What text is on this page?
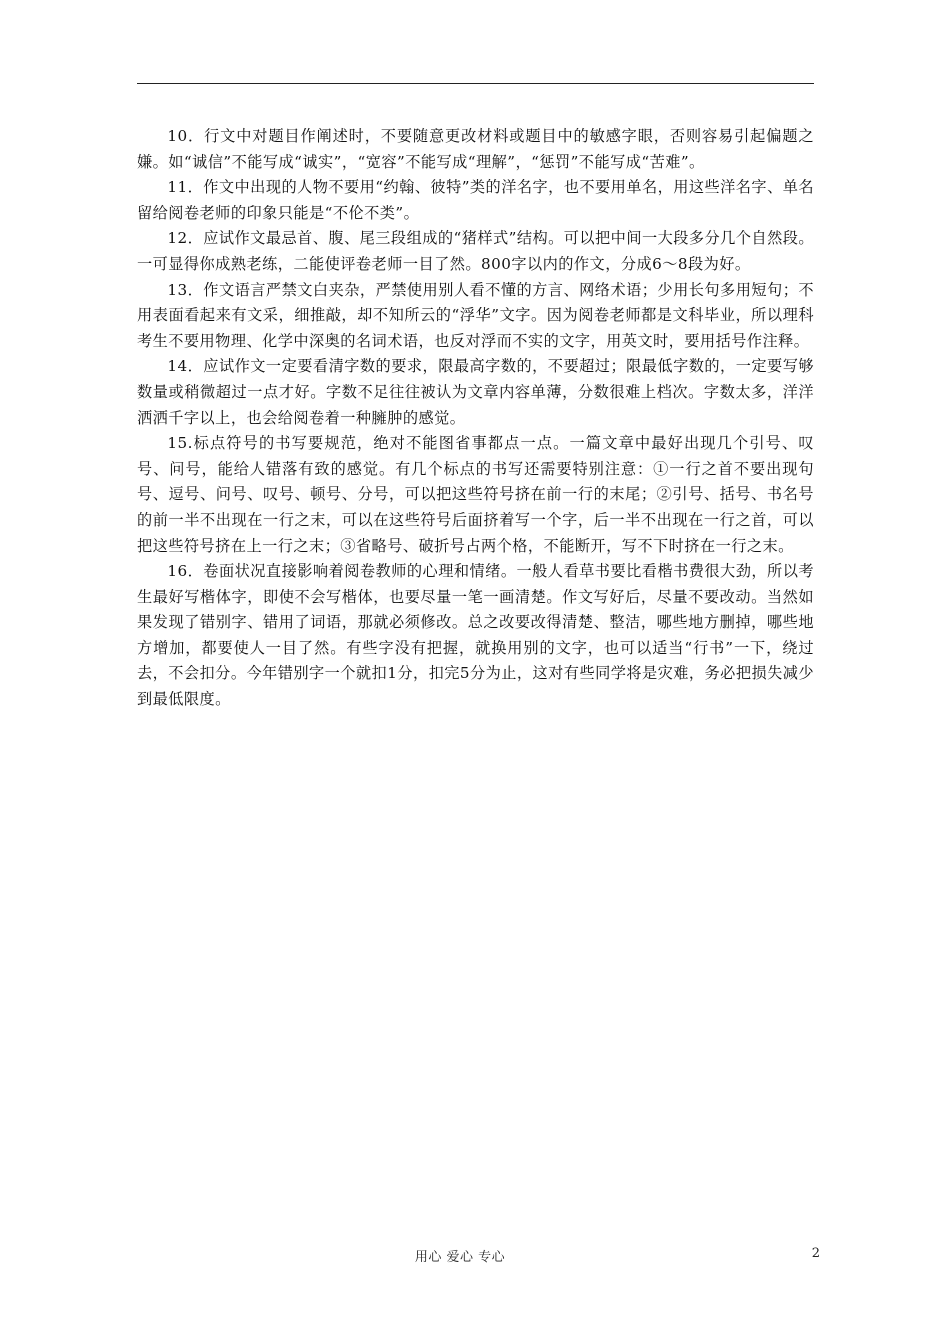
10．行文中对题目作阐述时，不要随意更改材料或题目中的敏感字眼，否则容易引起偏题之嫌。如“诚信”不能写成“诚实”，“宽容”不能写成“理解”，“惩罚”不能写成“苦难”。

11．作文中出现的人物不要用“约翰、彼特”类的洋名字，也不要用单名，用这些洋名字、单名留给阅卷老师的印象只能是“不伦不类”。

12．应试作文最忌首、腹、尾三段组成的“猪样式”结构。可以把中间一大段多分几个自然段。一可显得你成熟老练，二能使评卷老师一目了然。800字以内的作文，分成6～8段为好。

13．作文语言严禁文白夹杂，严禁使用别人看不懂的方言、网络术语；少用长句多用短句；不用表面看起来有文采，细推敲，却不知所云的“浮华”文字。因为阅卷老师都是文科毕业，所以理科考生不要用物理、化学中深奥的名词术语，也反对浮而不实的文字，用英文时，要用括号作注释。

14．应试作文一定要看清字数的要求，限最高字数的，不要超过；限最低字数的，一定要写够数量或稍微超过一点才好。字数不足往往被认为文章内容单薄，分数很难上档次。字数太多，洋洋洒洒千字以上，也会给阅卷着一种臃肿的感觉。

15.标点符号的书写要规范，绝对不能图省事都点一点。一篇文章中最好出现几个引号、叹号、问号，能给人错落有致的感觉。有几个标点的书写还需要特别注意：①一行之首不要出现句号、逗号、问号、叹号、顿号、分号，可以把这些符号挤在前一行的末尾；②引号、括号、书名号的前一半不出现在一行之末，可以在这些符号后面挤着写一个字，后一半不出现在一行之首，可以把这些符号挤在上一行之末；③省略号、破折号占两个格，不能断开，写不下时挤在一行之末。

16．卷面状况直接影响着阅卷教师的心理和情绪。一般人看草书要比看楷书费很大劲，所以考生最好写楷体字，即使不会写楷体，也要尽量一笔一画清楚。作文写好后，尽量不要改动。当然如果发现了错别字、错用了词语，那就必须修改。总之改要改得清楚、整洁，哪些地方删掉，哪些地方增加，都要使人一目了然。有些字没有把握，就换用别的文字，也可以适当“行书”一下，绕过去，不会扣分。今年错别字一个就扣1分，扣完5分为止，这对有些同学将是灾难，务必把损失减少到最低限度。

用心 爱心 专心	2
